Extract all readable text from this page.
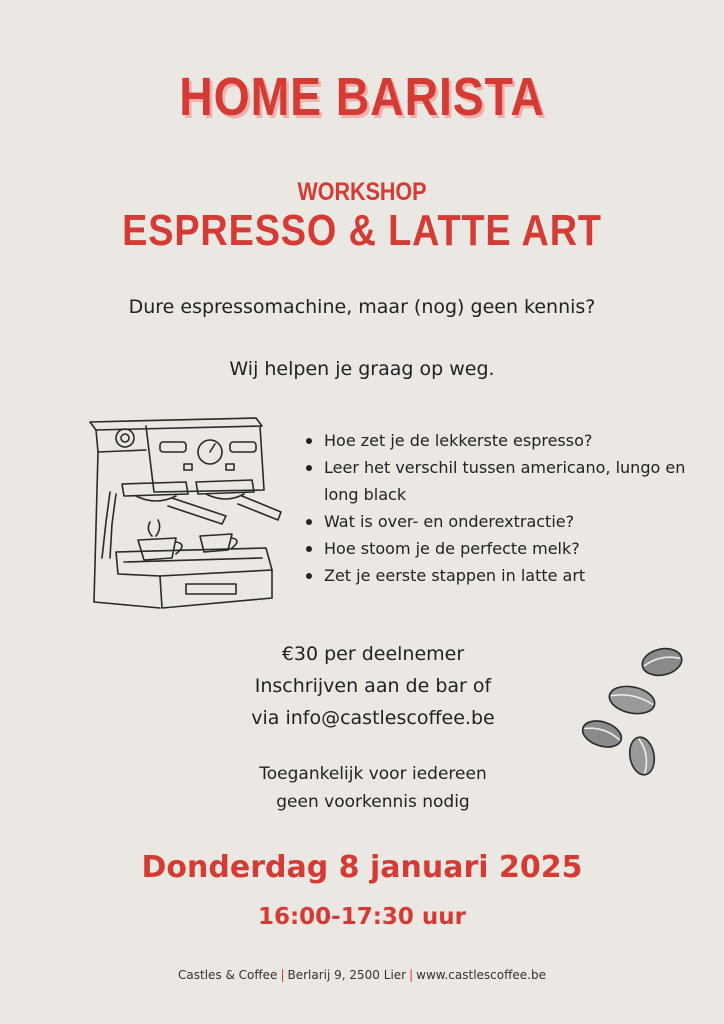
HOME BARISTA
WORKSHOP
ESPRESSO & LATTE ART
Dure espressomachine, maar (nog) geen kennis?
Wij helpen je graag op weg.
Hoe zet je de lekkerste espresso?
Leer het verschil tussen americano, lungo en long black
Wat is over- en onderextractie?
Hoe stoom je de perfecte melk?
Zet je eerste stappen in latte art
€30 per deelnemer
Inschrijven aan de bar of
via info@castlescoffee.be
Toegankelijk voor iedereen
geen voorkennis nodig
Donderdag 8 januari 2025
16:00-17:30 uur
Castles & Coffee | Berlarij 9, 2500 Lier | www.castlescoffee.be
